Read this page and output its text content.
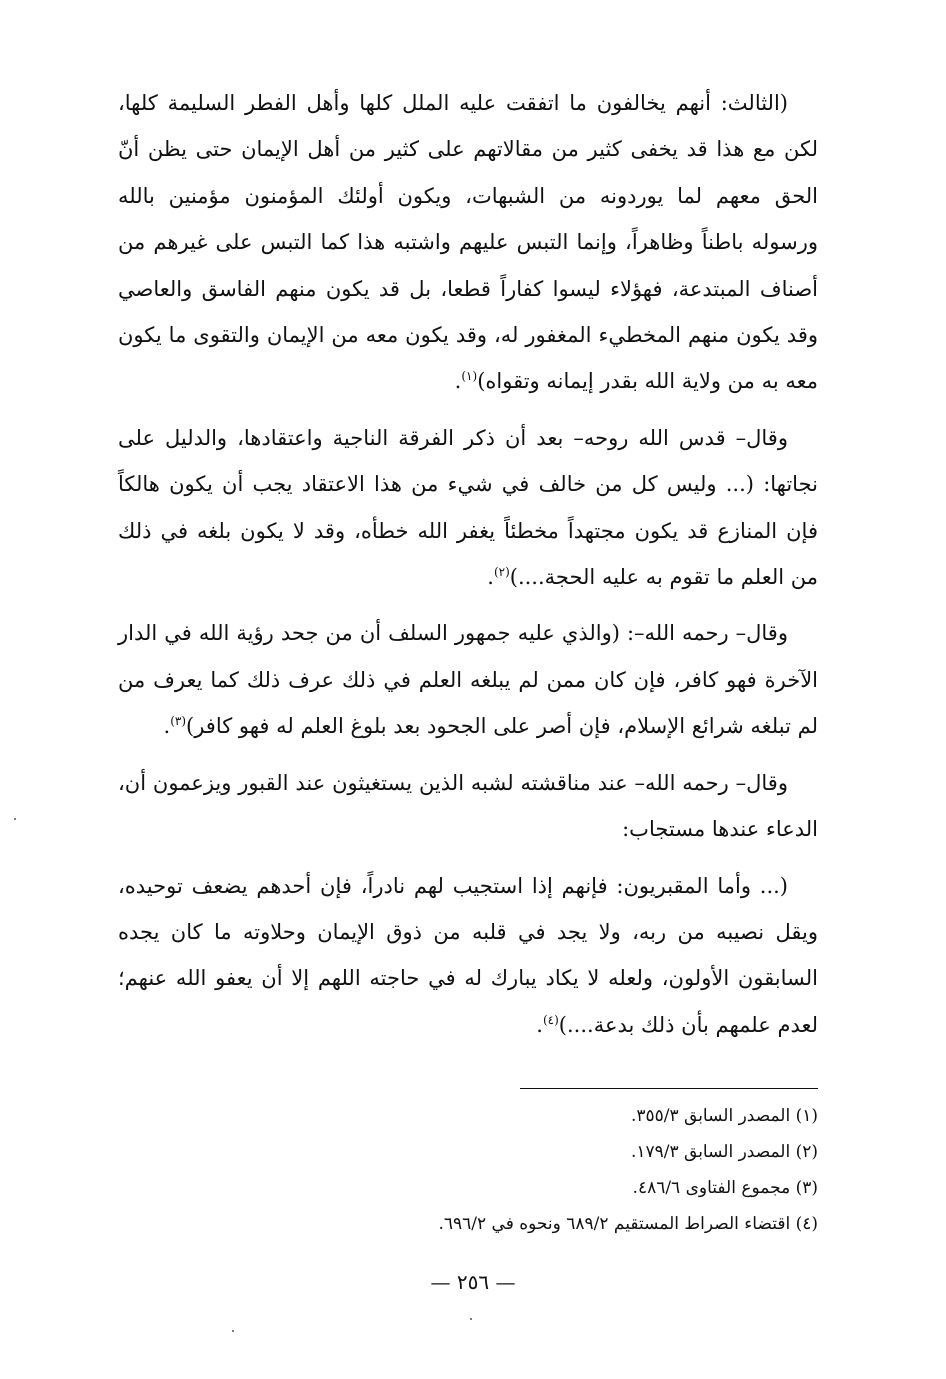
(الثالث: أنهم يخالفون ما اتفقت عليه الملل كلها وأهل الفطر السليمة كلها، لكن مع هذا قد يخفى كثير من مقالاتهم على كثير من أهل الإيمان حتى يظن أنّ الحق معهم لما يوردونه من الشبهات، ويكون أولئك المؤمنون مؤمنين بالله ورسوله باطناً وظاهراً، وإنما التبس عليهم واشتبه هذا كما التبس على غيرهم من أصناف المبتدعة، فهؤلاء ليسوا كفاراً قطعا، بل قد يكون منهم الفاسق والعاصي وقد يكون منهم المخطيء المغفور له، وقد يكون معه من الإيمان والتقوى ما يكون معه به من ولاية الله بقدر إيمانه وتقواه)$^{(١)}$.

وقال– قدس الله روحه– بعد أن ذكر الفرقة الناجية واعتقادها، والدليل على نجاتها: (... وليس كل من خالف في شيء من هذا الاعتقاد يجب أن يكون هالكاً فإن المنازع قد يكون مجتهداً مخطئاً يغفر الله خطأه، وقد لا يكون بلغه في ذلك من العلم ما تقوم به عليه الحجة....)$^{(٢)}$.

وقال– رحمه الله–: (والذي عليه جمهور السلف أن من جحد رؤية الله في الدار الآخرة فهو كافر، فإن كان ممن لم يبلغه العلم في ذلك عرف ذلك كما يعرف من لم تبلغه شرائع الإسلام، فإن أصر على الجحود بعد بلوغ العلم له فهو كافر)$^{(٣)}$.

وقال– رحمه الله– عند مناقشته لشبه الذين يستغيثون عند القبور ويزعمون أن، الدعاء عندها مستجاب:

(... وأما المقبريون: فإنهم إذا استجيب لهم نادراً، فإن أحدهم يضعف توحيده، ويقل نصيبه من ربه، ولا يجد في قلبه من ذوق الإيمان وحلاوته ما كان يجده السابقون الأولون، ولعله لا يكاد يبارك له في حاجته اللهم إلا أن يعفو الله عنهم؛ لعدم علمهم بأن ذلك بدعة....)$^{(٤)}$.

(١) المصدر السابق ٣٥٥/٣.

(٢) المصدر السابق ١٧٩/٣.

(٣) مجموع الفتاوى ٤٨٦/٦.

(٤) اقتضاء الصراط المستقيم ٦٨٩/٢ ونحوه في ٦٩٦/٢.

— ٢٥٦ —
